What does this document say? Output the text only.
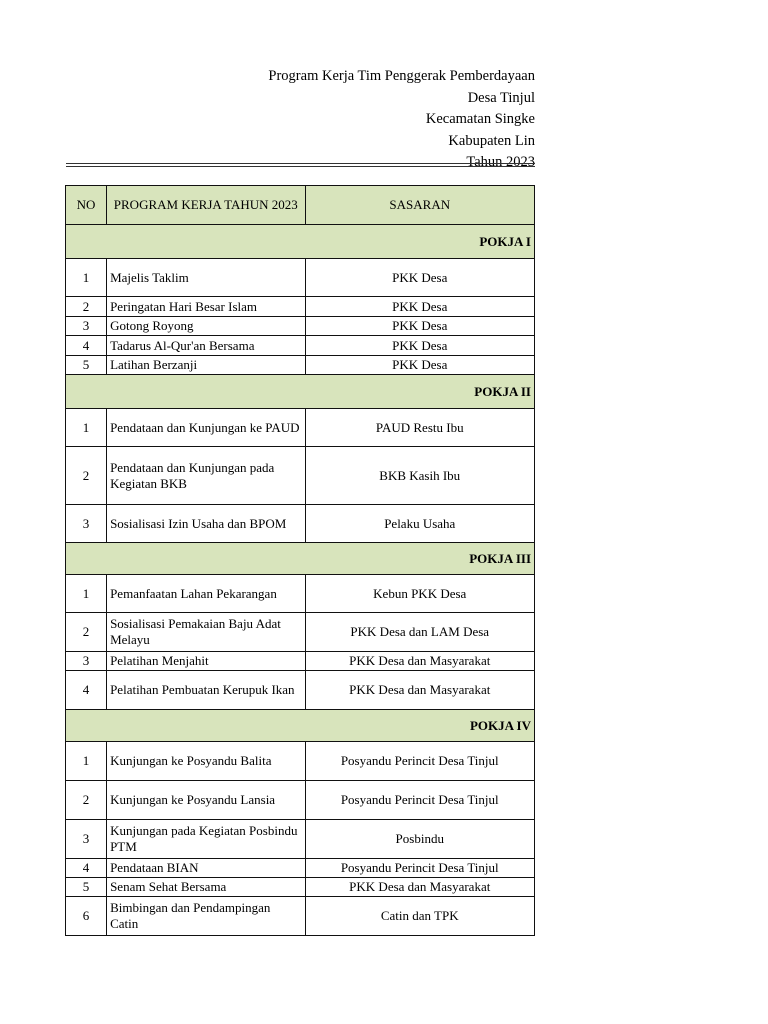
Program Kerja Tim Penggerak Pemberdayaan
Desa Tinjul
Kecamatan Singke
Kabupaten Lin
Tahun 2023
NO	PROGRAM KERJA TAHUN 2023	SASARAN
POKJA I		
1	Majelis Taklim	PKK Desa
2	Peringatan Hari Besar Islam	PKK Desa
3	Gotong Royong	PKK Desa
4	Tadarus Al-Qur'an Bersama	PKK Desa
5	Latihan Berzanji	PKK Desa
POKJA II		
1	Pendataan dan Kunjungan ke PAUD	PAUD Restu Ibu
2	Pendataan dan Kunjungan pada Kegiatan BKB	BKB Kasih Ibu
3	Sosialisasi Izin Usaha dan BPOM	Pelaku Usaha
POKJA III		
1	Pemanfaatan Lahan Pekarangan	Kebun PKK Desa
2	Sosialisasi Pemakaian Baju Adat Melayu	PKK Desa dan LAM Desa
3	Pelatihan Menjahit	PKK Desa dan Masyarakat
4	Pelatihan Pembuatan Kerupuk Ikan	PKK Desa dan Masyarakat
POKJA IV		
1	Kunjungan ke Posyandu Balita	Posyandu Perincit Desa Tinjul
2	Kunjungan ke Posyandu Lansia	Posyandu Perincit Desa Tinjul
3	Kunjungan pada Kegiatan Posbindu PTM	Posbindu
4	Pendataan BIAN	Posyandu Perincit Desa Tinjul
5	Senam Sehat Bersama	PKK Desa dan Masyarakat
6	Bimbingan dan Pendampingan Catin	Catin dan TPK
